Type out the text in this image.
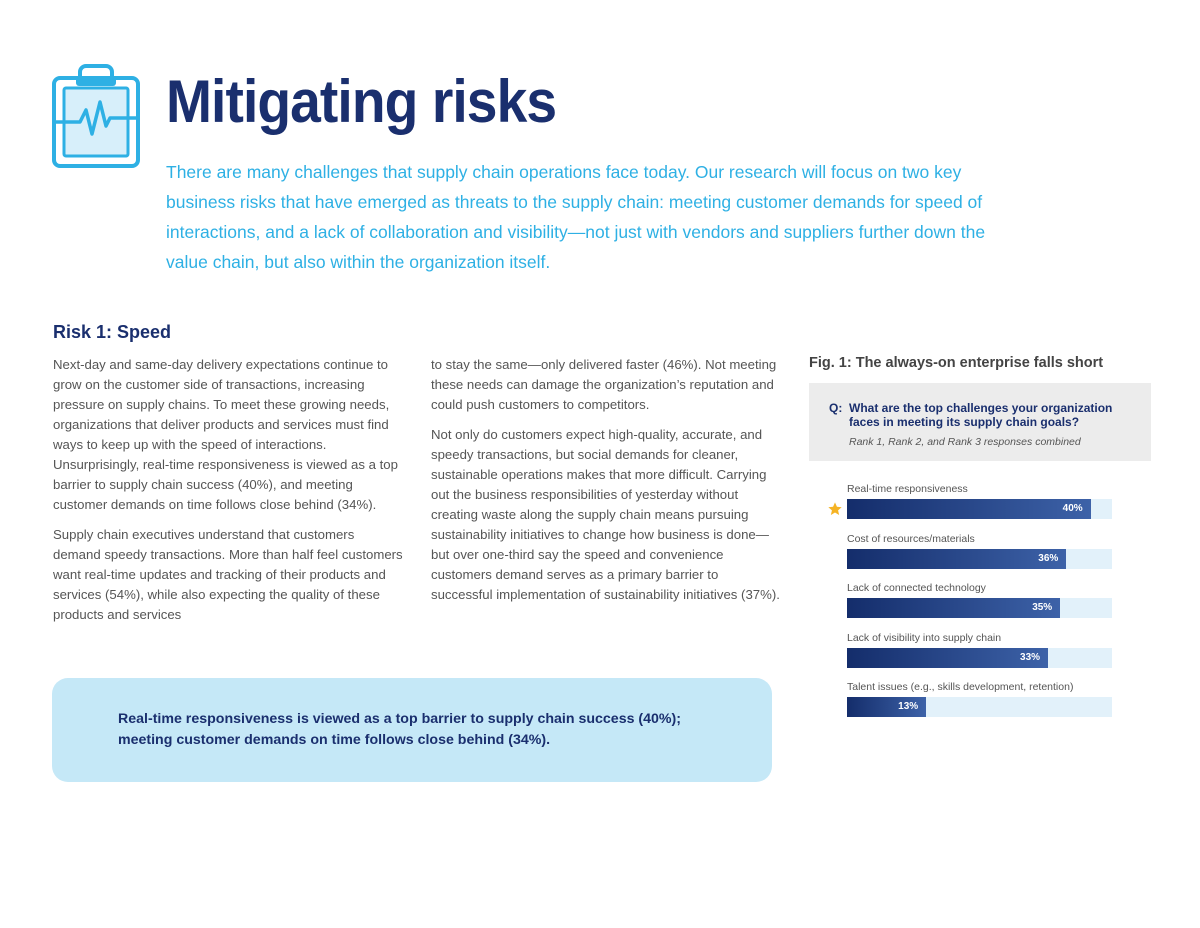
Mitigating risks

There are many challenges that supply chain operations face today. Our research will focus on two key business risks that have emerged as threats to the supply chain: meeting customer demands for speed of interactions, and a lack of collaboration and visibility—not just with vendors and suppliers further down the value chain, but also within the organization itself.

Risk 1: Speed

Next-day and same-day delivery expectations continue to grow on the customer side of transactions, increasing pressure on supply chains. To meet these growing needs, organizations that deliver products and services must find ways to keep up with the speed of interactions. Unsurprisingly, real-time responsiveness is viewed as a top barrier to supply chain success (40%), and meeting customer demands on time follows close behind (34%).

Supply chain executives understand that customers demand speedy transactions. More than half feel customers want real-time updates and tracking of their products and services (54%), while also expecting the quality of these products and services

to stay the same—only delivered faster (46%). Not meeting these needs can damage the organization’s reputation and could push customers to competitors.

Not only do customers expect high-quality, accurate, and speedy transactions, but social demands for cleaner, sustainable operations makes that more difficult. Carrying out the business responsibilities of yesterday without creating waste along the supply chain means pursuing sustainability initiatives to change how business is done—but over one-third say the speed and convenience customers demand serves as a primary barrier to successful implementation of sustainability initiatives (37%).

Real-time responsiveness is viewed as a top barrier to supply chain success (40%); meeting customer demands on time follows close behind (34%).

Fig. 1: The always-on enterprise falls short
Q: What are the top challenges your organization faces in meeting its supply chain goals?
Rank 1, Rank 2, and Rank 3 responses combined
Real-time responsiveness
40%
Cost of resources/materials
36%
Lack of connected technology
35%
Lack of visibility into supply chain
33%
Talent issues (e.g., skills development, retention)
13%
